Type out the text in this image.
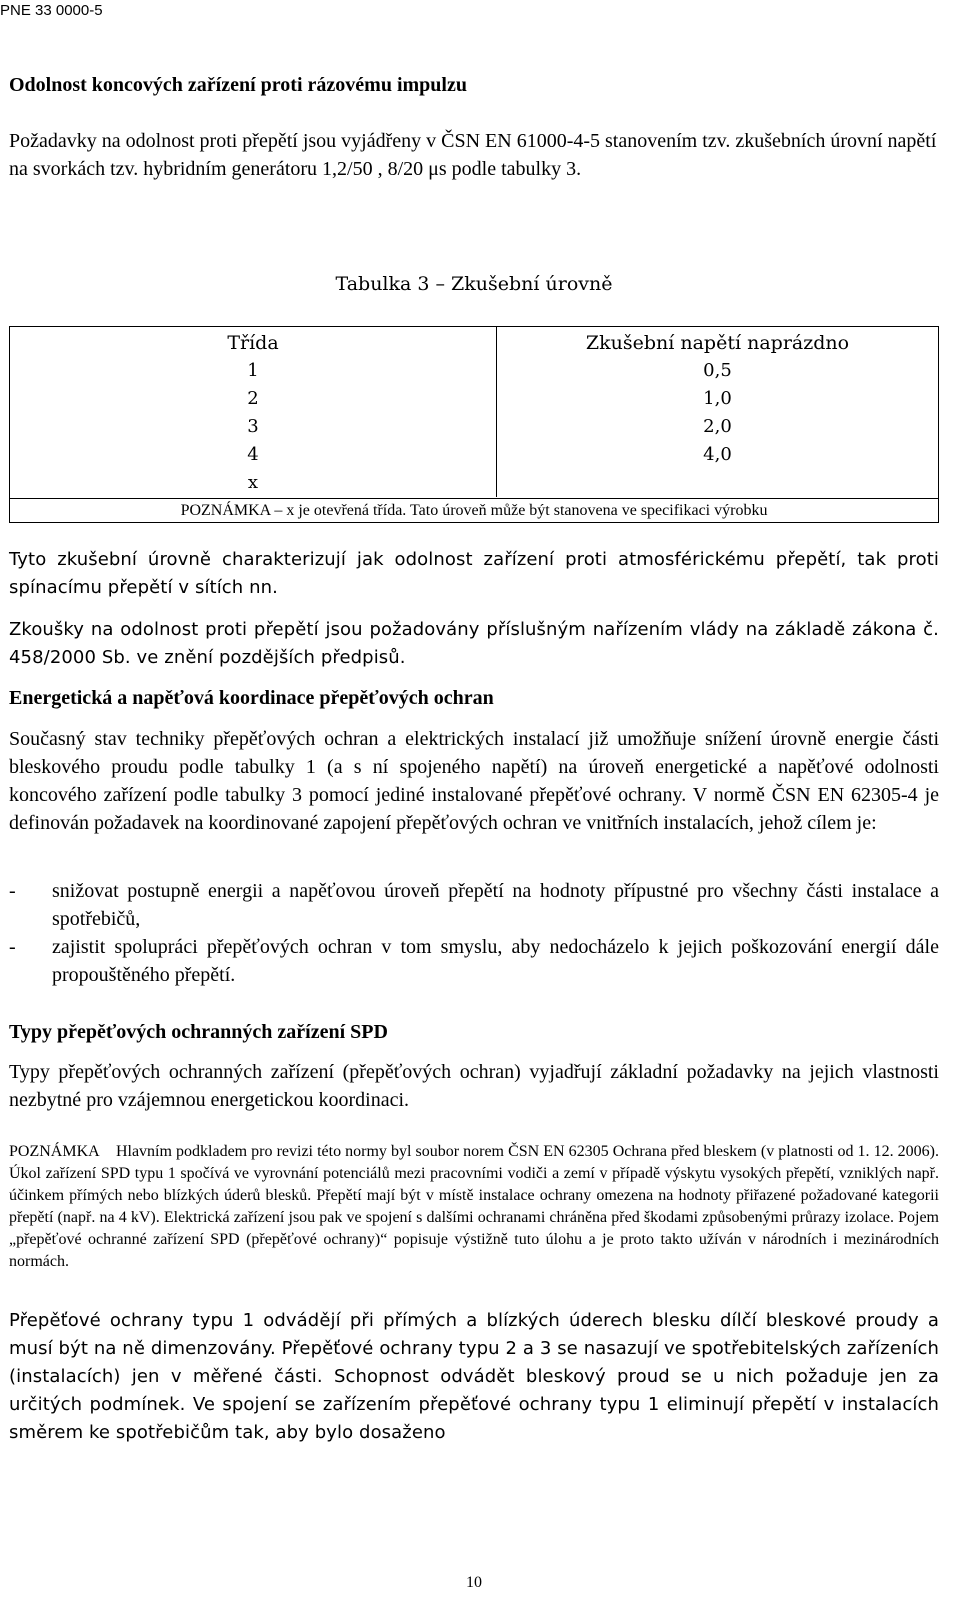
PNE 33 0000-5

Odolnost koncových zařízení proti rázovému impulzu

Požadavky na odolnost proti přepětí jsou vyjádřeny v ČSN EN 61000-4-5 stanovením tzv. zkušebních úrovní napětí na svorkách tzv. hybridním generátoru 1,2/50 , 8/20 μs podle tabulky 3.

Tabulka 3 – Zkušební úrovně
Třída	Zkušební napětí naprázdno
1	0,5
2	1,0
3	2,0
4	4,0
x
POZNÁMKA – x je otevřená třída. Tato úroveň může být stanovena ve specifikaci výrobku

Tyto zkušební úrovně charakterizují jak odolnost zařízení proti atmosférickému přepětí, tak proti spínacímu přepětí v sítích nn.

Zkoušky na odolnost proti přepětí jsou požadovány příslušným nařízením vlády na základě zákona č. 458/2000 Sb. ve znění pozdějších předpisů.

Energetická a napěťová koordinace přepěťových ochran

Současný stav techniky přepěťových ochran a elektrických instalací již umožňuje snížení úrovně energie části bleskového proudu podle tabulky 1 (a s ní spojeného napětí) na úroveň energetické a napěťové odolnosti koncového zařízení podle tabulky 3 pomocí jediné instalované přepěťové ochrany. V normě ČSN EN 62305-4 je definován požadavek na koordinované zapojení přepěťových ochran ve vnitřních instalacích, jehož cílem je:

- snižovat postupně energii a napěťovou úroveň přepětí na hodnoty přípustné pro všechny části instalace a spotřebičů,
- zajistit spolupráci přepěťových ochran v tom smyslu, aby nedocházelo k jejich poškozování energií dále propouštěného přepětí.

Typy přepěťových ochranných zařízení SPD

Typy přepěťových ochranných zařízení (přepěťových ochran) vyjadřují základní požadavky na jejich vlastnosti nezbytné pro vzájemnou energetickou koordinaci.

POZNÁMKA Hlavním podkladem pro revizi této normy byl soubor norem ČSN EN 62305 Ochrana před bleskem (v platnosti od 1. 12. 2006). Úkol zařízení SPD typu 1 spočívá ve vyrovnání potenciálů mezi pracovními vodiči a zemí v případě výskytu vysokých přepětí, vzniklých např. účinkem přímých nebo blízkých úderů blesků. Přepětí mají být v místě instalace ochrany omezena na hodnoty přiřazené požadované kategorii přepětí (např. na 4 kV). Elektrická zařízení jsou pak ve spojení s dalšími ochranami chráněna před škodami způsobenými průrazy izolace. Pojem „přepěťové ochranné zařízení SPD (přepěťové ochrany)“ popisuje výstižně tuto úlohu a je proto takto užíván v národních i mezinárodních normách.

Přepěťové ochrany typu 1 odvádějí při přímých a blízkých úderech blesku dílčí bleskové proudy a musí být na ně dimenzovány. Přepěťové ochrany typu 2 a 3 se nasazují ve spotřebitelských zařízeních (instalacích) jen v měřené části. Schopnost odvádět bleskový proud se u nich požaduje jen za určitých podmínek. Ve spojení se zařízením přepěťové ochrany typu 1 eliminují přepětí v instalacích směrem ke spotřebičům tak, aby bylo dosaženo

10
